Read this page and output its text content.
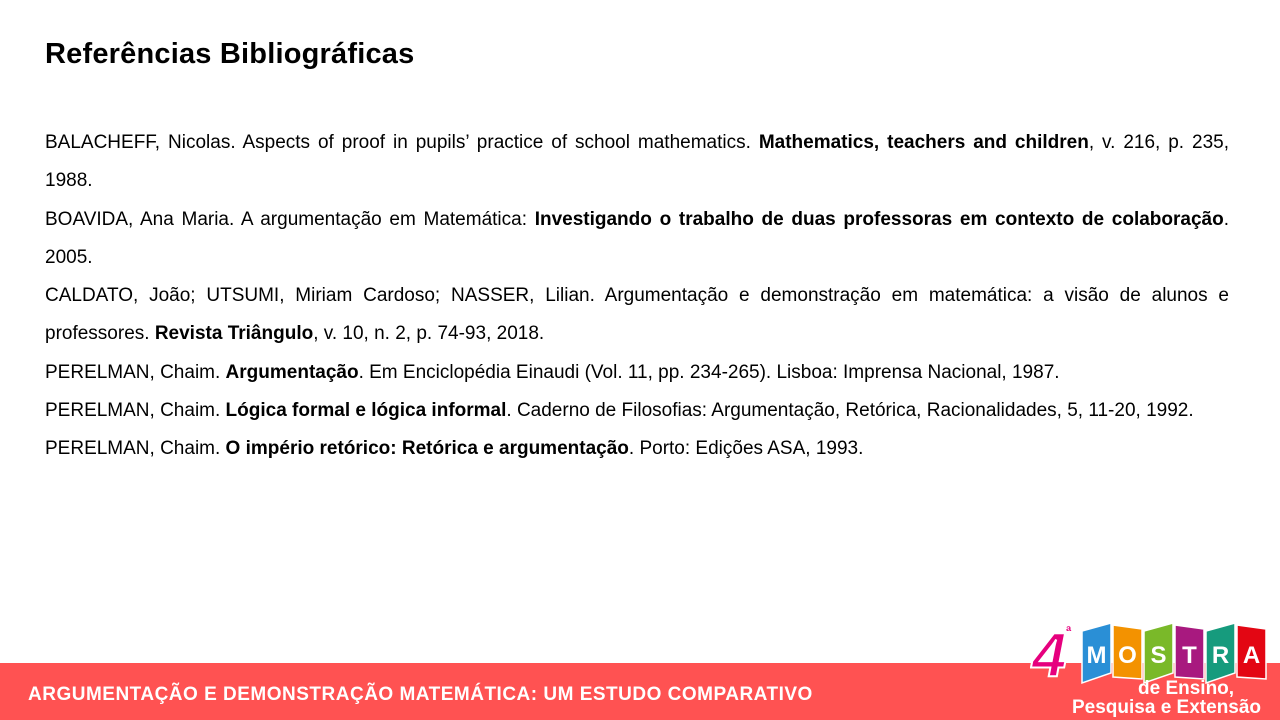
Referências Bibliográficas

BALACHEFF, Nicolas. Aspects of proof in pupils’ practice of school mathematics. Mathematics, teachers and children, v. 216, p. 235, 1988.

BOAVIDA, Ana Maria. A argumentação em Matemática: Investigando o trabalho de duas professoras em contexto de colaboração. 2005.

CALDATO, João; UTSUMI, Miriam Cardoso; NASSER, Lilian. Argumentação e demonstração em matemática: a visão de alunos e professores. Revista Triângulo, v. 10, n. 2, p. 74-93, 2018.

PERELMAN, Chaim. Argumentação. Em Enciclopédia Einaudi (Vol. 11, pp. 234-265). Lisboa: Imprensa Nacional, 1987.

PERELMAN, Chaim. Lógica formal e lógica informal. Caderno de Filosofias: Argumentação, Retórica, Racionalidades, 5, 11-20, 1992.

PERELMAN, Chaim. O império retórico: Retórica e argumentação. Porto: Edições ASA, 1993.

ARGUMENTAÇÃO E DEMONSTRAÇÃO MATEMÁTICA: UM ESTUDO COMPARATIVO
M O S T R A
4 ª
de Ensino,
Pesquisa e Extensão
